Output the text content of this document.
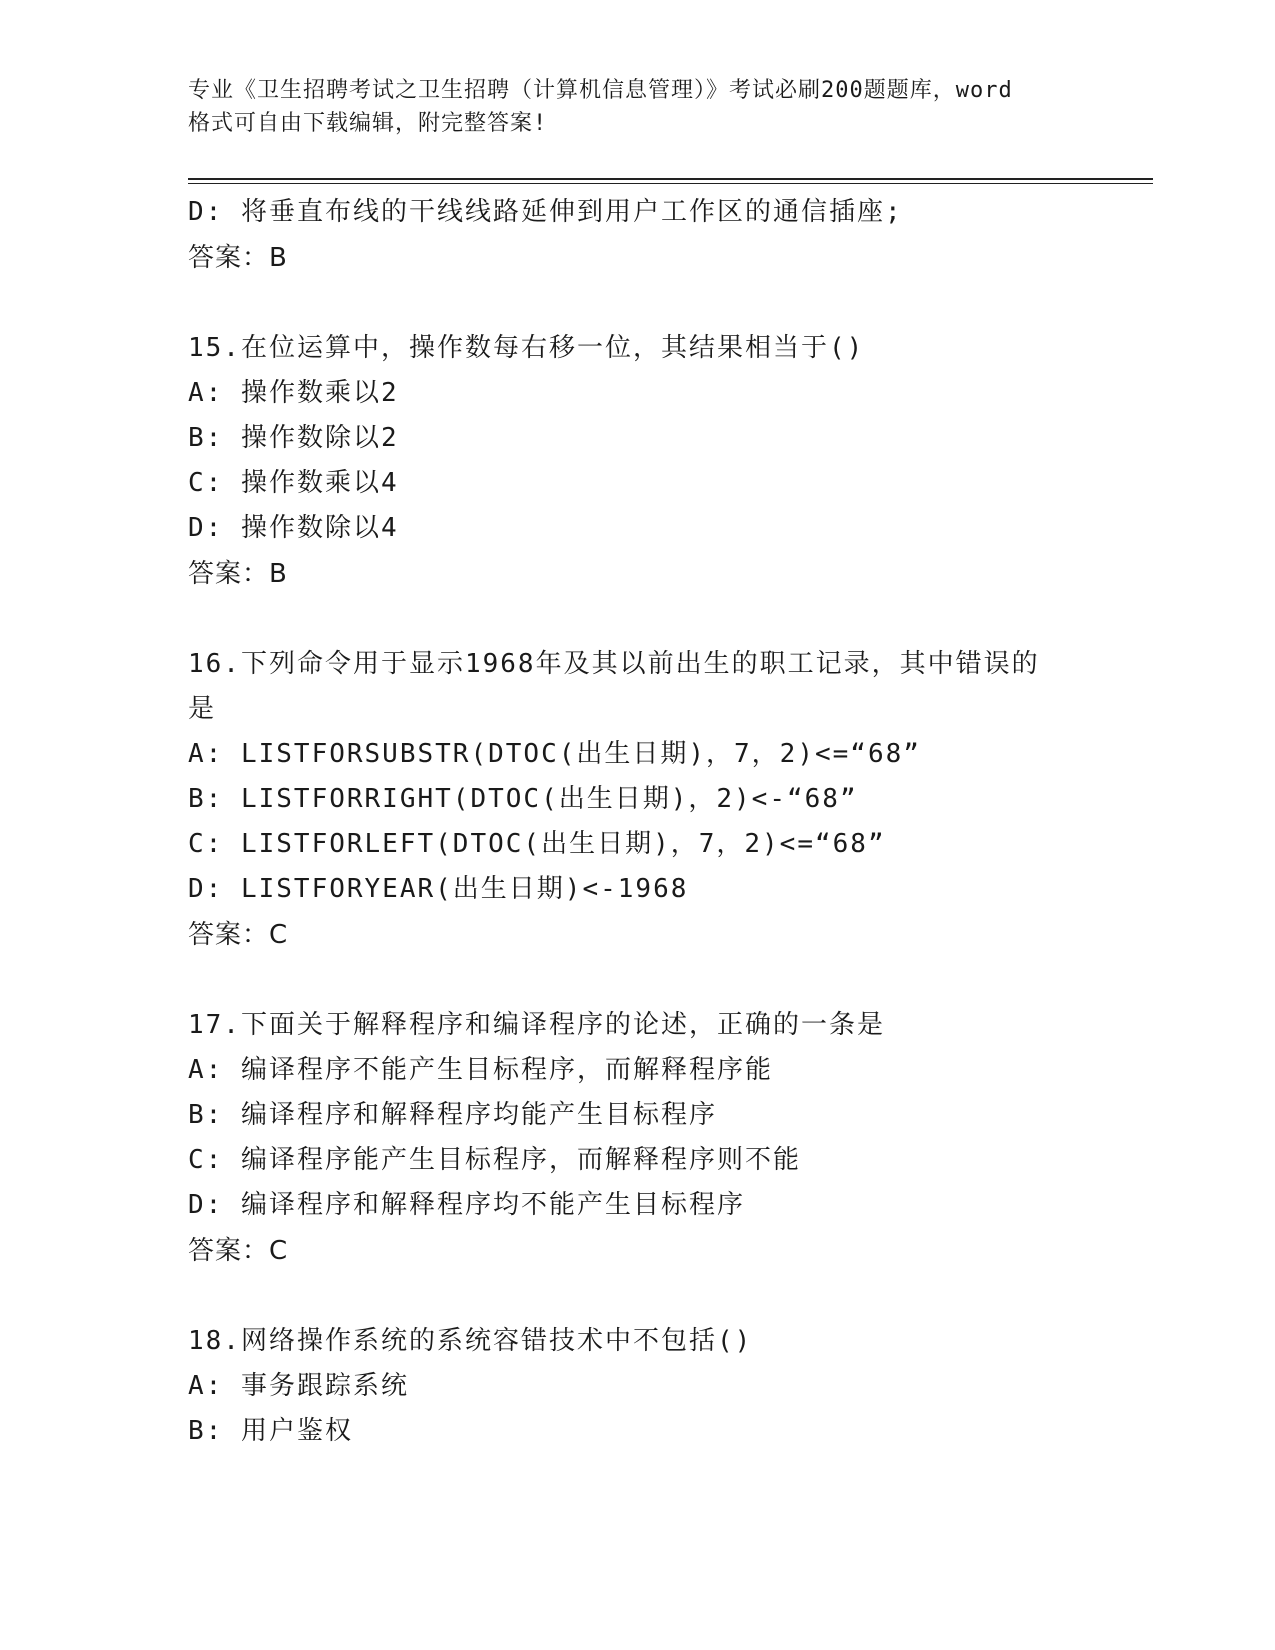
专业《卫生招聘考试之卫生招聘（计算机信息管理）》考试必刷200题题库，word
格式可自由下载编辑，附完整答案!
D: 将垂直布线的干线线路延伸到用户工作区的通信插座;
答案：B
15.在位运算中，操作数每右移一位，其结果相当于()
A: 操作数乘以2
B: 操作数除以2
C: 操作数乘以4
D: 操作数除以4
答案：B
16.下列命令用于显示1968年及其以前出生的职工记录，其中错误的
是
A: LISTFORSUBSTR(DTOC(出生日期)，7，2)<=“68”
B: LISTFORRIGHT(DTOC(出生日期)，2)<-“68”
C: LISTFORLEFT(DTOC(出生日期)，7，2)<=“68”
D: LISTFORYEAR(出生日期)<-1968
答案：C
17.下面关于解释程序和编译程序的论述，正确的一条是
A: 编译程序不能产生目标程序，而解释程序能
B: 编译程序和解释程序均能产生目标程序
C: 编译程序能产生目标程序，而解释程序则不能
D: 编译程序和解释程序均不能产生目标程序
答案：C
18.网络操作系统的系统容错技术中不包括()
A: 事务跟踪系统
B: 用户鉴权
